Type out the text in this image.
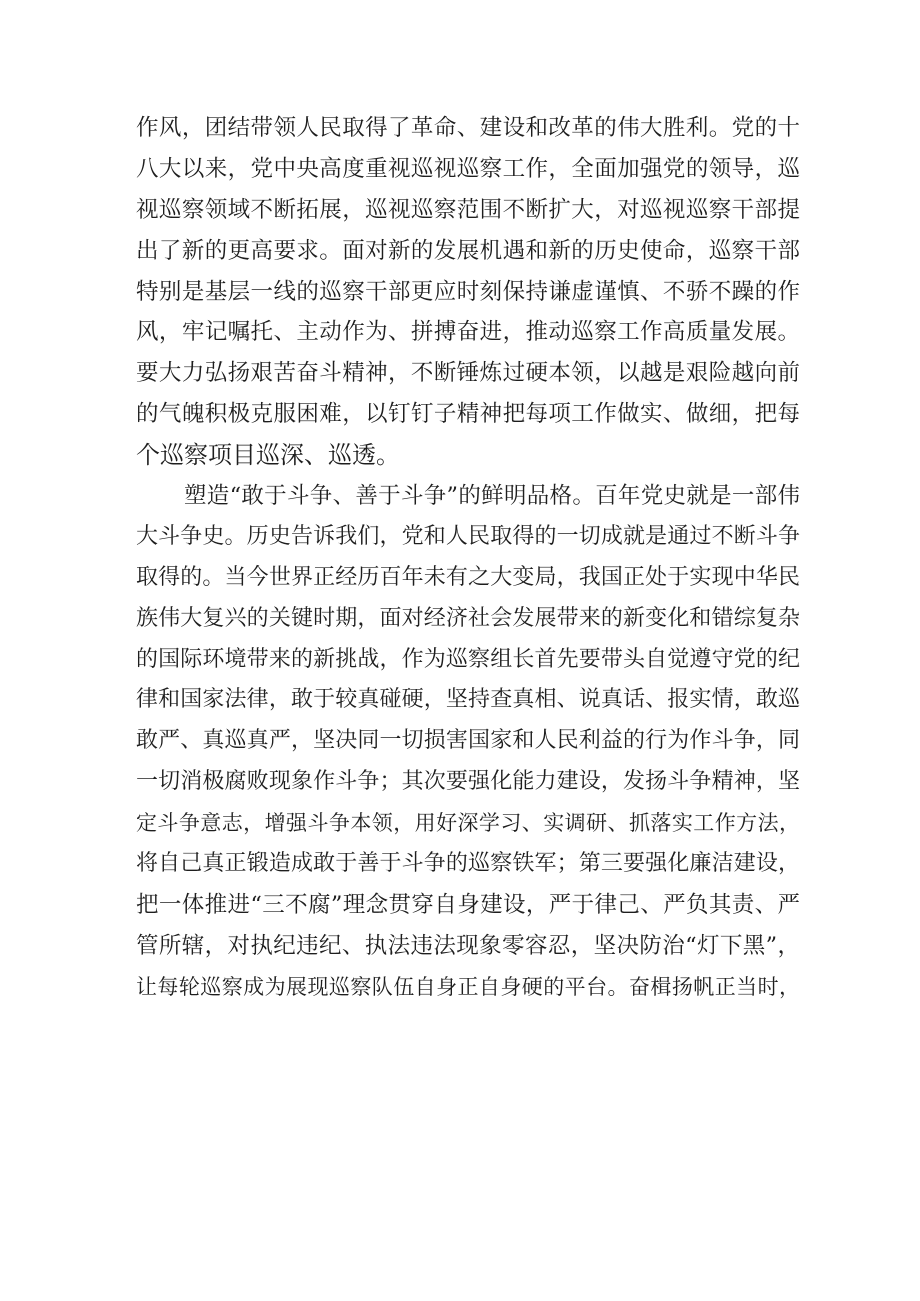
作风，团结带领人民取得了革命、建设和改革的伟大胜利。党的十
八大以来，党中央高度重视巡视巡察工作，全面加强党的领导，巡
视巡察领域不断拓展，巡视巡察范围不断扩大，对巡视巡察干部提
出了新的更高要求。面对新的发展机遇和新的历史使命，巡察干部
特别是基层一线的巡察干部更应时刻保持谦虚谨慎、不骄不躁的作
风，牢记嘱托、主动作为、拼搏奋进，推动巡察工作高质量发展。
要大力弘扬艰苦奋斗精神，不断锤炼过硬本领，以越是艰险越向前
的气魄积极克服困难，以钉钉子精神把每项工作做实、做细，把每
个巡察项目巡深、巡透。
塑造“敢于斗争、善于斗争”的鲜明品格。百年党史就是一部伟
大斗争史。历史告诉我们，党和人民取得的一切成就是通过不断斗争
取得的。当今世界正经历百年未有之大变局，我国正处于实现中华民
族伟大复兴的关键时期，面对经济社会发展带来的新变化和错综复杂
的国际环境带来的新挑战，作为巡察组长首先要带头自觉遵守党的纪
律和国家法律，敢于较真碰硬，坚持查真相、说真话、报实情，敢巡
敢严、真巡真严，坚决同一切损害国家和人民利益的行为作斗争，同
一切消极腐败现象作斗争；其次要强化能力建设，发扬斗争精神，坚
定斗争意志，增强斗争本领，用好深学习、实调研、抓落实工作方法，
将自己真正锻造成敢于善于斗争的巡察铁军；第三要强化廉洁建设，
把一体推进“三不腐”理念贯穿自身建设，严于律己、严负其责、严
管所辖，对执纪违纪、执法违法现象零容忍，坚决防治“灯下黑”，
让每轮巡察成为展现巡察队伍自身正自身硬的平台。奋楫扬帆正当时，
